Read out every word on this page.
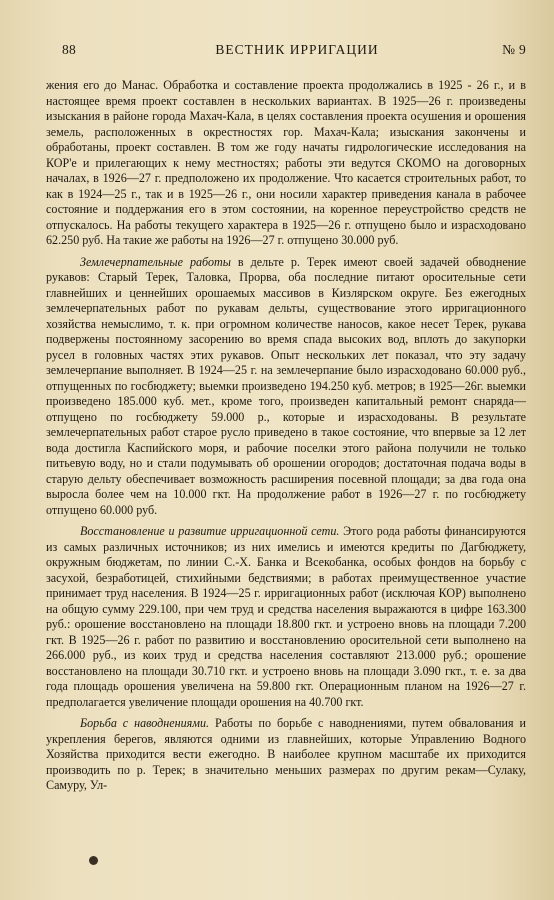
88	ВЕСТНИК ИРРИГАЦИИ	№ 9

жения его до Манас. Обработка и составление проекта продолжались в 1925 - 26 г., и в настоящее время проект составлен в нескольких вариантах. В 1925—26 г. произведены изыскания в районе города Махач-Кала, в целях составления проекта осушения и орошения земель, расположенных в окрестностях гор. Махач-Кала; изыскания закончены и обработаны, проект составлен. В том же году начаты гидрологические исследования на КОР'е и прилегающих к нему местностях; работы эти ведутся СКОМО на договорных началах, в 1926—27 г. предположено их продолжение. Что касается строительных работ, то как в 1924—25 г., так и в 1925—26 г., они носили характер приведения канала в рабочее состояние и поддержания его в этом состоянии, на коренное переустройство средств не отпускалось. На работы текущего характера в 1925—26 г. отпущено было и израсходовано 62.250 руб. На такие же работы на 1926—27 г. отпущено 30.000 руб.

Землечерпательные работы в дельте р. Терек имеют своей задачей обводнение рукавов: Старый Терек, Таловка, Прорва, оба последние питают оросительные сети главнейших и ценнейших орошаемых массивов в Кизлярском округе. Без ежегодных землечерпательных работ по рукавам дельты, существование этого ирригационного хозяйства немыслимо, т. к. при огромном количестве наносов, какое несет Терек, рукава подвержены постоянному засорению во время спада высоких вод, вплоть до закупорки русел в головных частях этих рукавов. Опыт нескольких лет показал, что эту задачу землечерпание выполняет. В 1924—25 г. на землечерпание было израсходовано 60.000 руб., отпущенных по госбюджету; выемки произведено 194.250 куб. метров; в 1925—26г. выемки произведено 185.000 куб. мет., кроме того, произведен капитальный ремонт снаряда—отпущено по госбюджету 59.000 р., которые и израсходованы. В результате землечерпательных работ старое русло приведено в такое состояние, что впервые за 12 лет вода достигла Каспийского моря, и рабочие поселки этого района получили не только питьевую воду, но и стали подумывать об орошении огородов; достаточная подача воды в старую дельту обеспечивает возможность расширения посевной площади; за два года она выросла более чем на 10.000 гкт. На продолжение работ в 1926—27 г. по госбюджету отпущено 60.000 руб.

Восстановление и развитие ирригационной сети. Этого рода работы финансируются из самых различных источников; из них имелись и имеются кредиты по Дагбюджету, окружным бюджетам, по линии С.-Х. Банка и Всекобанка, особых фондов на борьбу с засухой, безработицей, стихийными бедствиями; в работах преимущественное участие принимает труд населения. В 1924—25 г. ирригационных работ (исключая КОР) выполнено на общую сумму 229.100, при чем труд и средства населения выражаются в цифре 163.300 руб.: орошение восстановлено на площади 18.800 гкт. и устроено вновь на площади 7.200 гкт. В 1925—26 г. работ по развитию и восстановлению оросительной сети выполнено на 266.000 руб., из коих труд и средства населения составляют 213.000 руб.; орошение восстановлено на площади 30.710 гкт. и устроено вновь на площади 3.090 гкт., т. е. за два года площадь орошения увеличена на 59.800 гкт. Операционным планом на 1926—27 г. предполагается увеличение площади орошения на 40.700 гкт.

Борьба с наводнениями. Работы по борьбе с наводнениями, путем обвалования и укрепления берегов, являются одними из главнейших, которые Управлению Водного Хозяйства приходится вести ежегодно. В наиболее крупном масштабе их приходится производить по р. Терек; в значительно меньших размерах по другим рекам—Сулаку, Самуру, Ул-
